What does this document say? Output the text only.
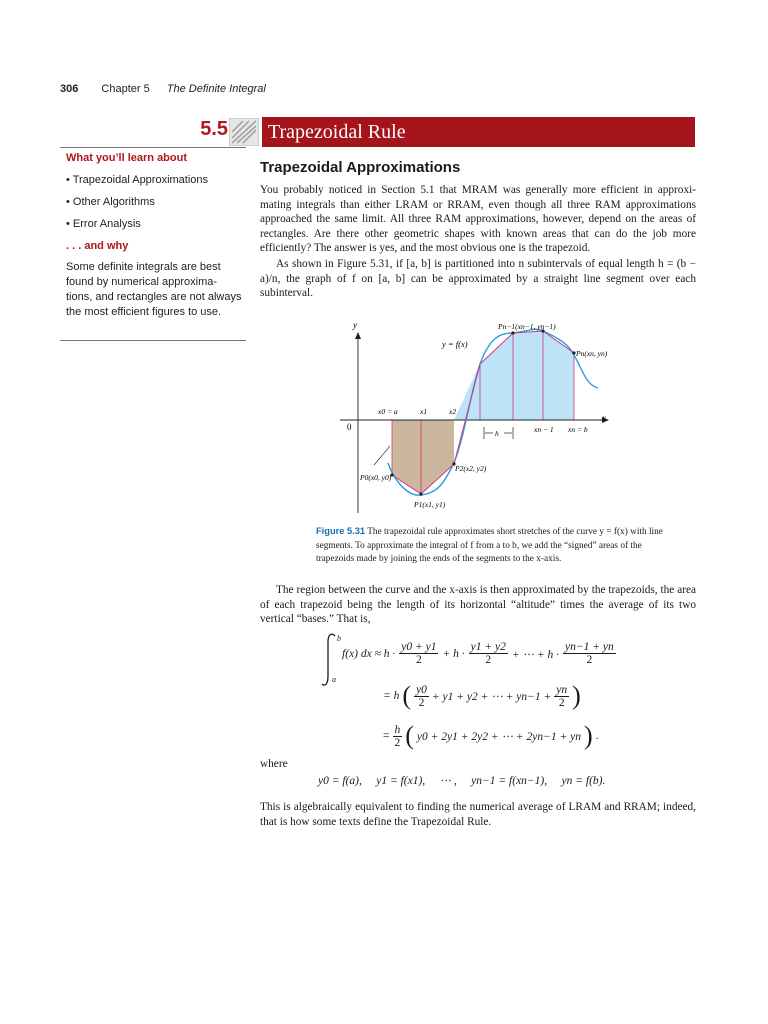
306 Chapter 5 The Definite Integral
5.5	Trapezoidal Rule
What you’ll learn about
• Trapezoidal Approximations
• Other Algorithms
• Error Analysis
. . . and why
Some definite integrals are best found by numerical approxima-tions, and rectangles are not always the most efficient figures to use.
Trapezoidal Approximations
You probably noticed in Section 5.1 that MRAM was generally more efficient in approxi-mating integrals than either LRAM or RRAM, even though all three RAM approximations approached the same limit. All three RAM approximations, however, depend on the areas of rectangles. Are there other geometric shapes with known areas that can do the job more efficiently? The answer is yes, and the most obvious one is the trapezoid.
As shown in Figure 5.31, if [a, b] is partitioned into n subintervals of equal length h = (b − a)/n, the graph of f on [a, b] can be approximated by a straight line segment over each subinterval.
y
x
0
y = f(x)
Pn−1(xn−1, yn−1)
Pn(xn, yn)
x0 = a	x1	x2
h	xn − 1 xn = b
P0(x0, y0)
P1(x1, y1)
P2(x2, y2)
Figure 5.31 The trapezoidal rule approximates short stretches of the curve y = f(x) with line segments. To approximate the integral of f from a to b, we add the “signed” areas of the trapezoids made by joining the ends of the segments to the x-axis.
The region between the curve and the x-axis is then approximated by the trapezoids, the area of each trapezoid being the length of its horizontal “altitude” times the average of its two vertical “bases.” That is,
b
a
f(x) dx ≈ h ·
y0 + y1
2
+ h ·
y1 + y2
2 + ⋯ + h ·
yn−1 + yn
2
= h ( y0
2 + y1 + y2 + ⋯ + $yn-1 + \frac{yn}{2}$ )
= $\frac{h}{2}$ ( y0 + 2y1 + 2y2 + ⋯ + 2yn−1 + yn ) .
where
y0 = f(a),     y1 = f(x1),     ⋯ ,     yn−1 = f(xn−1),     yn = f(b).
This is algebraically equivalent to finding the numerical average of LRAM and RRAM; indeed, that is how some texts define the Trapezoidal Rule.
